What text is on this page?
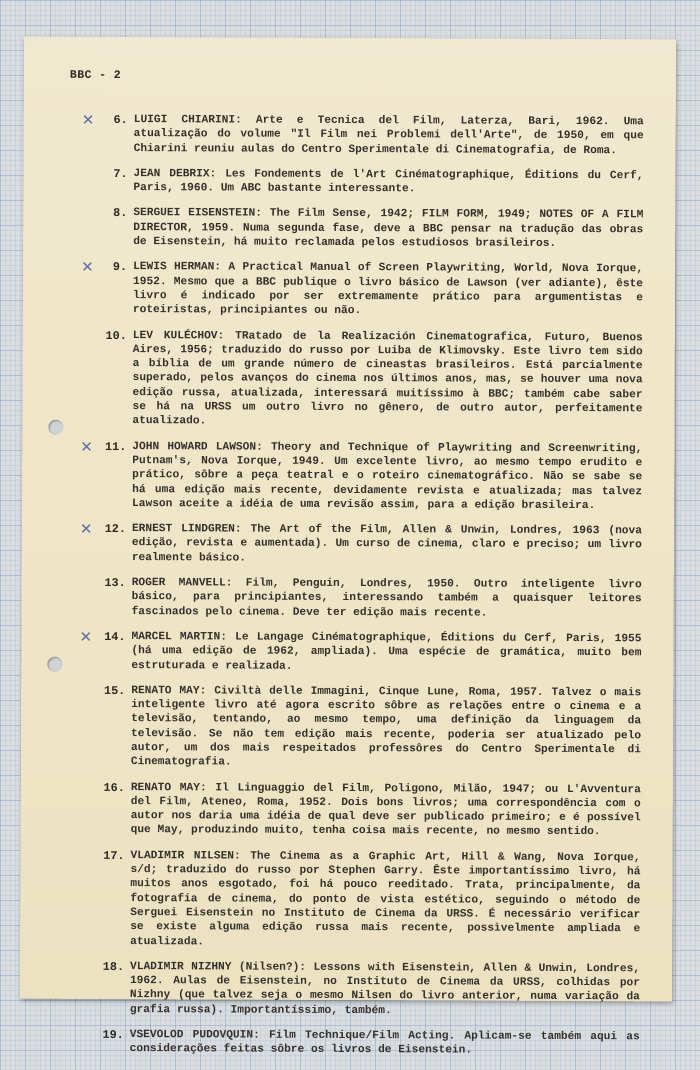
BBC - 2
✕	6. LUIGI CHIARINI: Arte e Tecnica del Film, Laterza, Bari, 1962. Uma atualização do volume "Il Film nei Problemi dell'Arte", de 1950, em que Chiarini reuniu aulas do Centro Sperimentale di Cinematografia, de Roma.
7. JEAN DEBRIX: Les Fondements de l'Art Cinématographique, Éditions du Cerf, Paris, 1960. Um ABC bastante interessante.
8. SERGUEI EISENSTEIN: The Film Sense, 1942; FILM FORM, 1949; NOTES OF A FILM DIRECTOR, 1959. Numa segunda fase, deve a BBC pensar na tradução das obras de Eisenstein, há muito reclamada pelos estudiosos brasileiros.
✕	9. LEWIS HERMAN: A Practical Manual of Screen Playwriting, World, Nova Iorque, 1952. Mesmo que a BBC publique o livro básico de Lawson (ver adiante), êste livro é indicado por ser extremamente prático para argumentistas e roteiristas, principiantes ou não.
10. LEV KULÉCHOV: TRatado de la Realización Cinematografica, Futuro, Buenos Aires, 1956; traduzido do russo por Luiba de Klimovsky. Este livro tem sido a bíblia de um grande número de cineastas brasileiros. Está parcialmente superado, pelos avanços do cinema nos últimos anos, mas, se houver uma nova edição russa, atualizada, interessará muitíssimo à BBC; também cabe saber se há na URSS um outro livro no gênero, de outro autor, perfeitamente atualizado.
✕	11. JOHN HOWARD LAWSON: Theory and Technique of Playwriting and Screenwriting, Putnam's, Nova Iorque, 1949. Um excelente livro, ao mesmo tempo erudito e prático, sôbre a peça teatral e o roteiro cinematográfico. Não se sabe se há uma edição mais recente, devidamente revista e atualizada; mas talvez Lawson aceite a idéia de uma revisão assim, para a edição brasileira.
✕	12. ERNEST LINDGREN: The Art of the Film, Allen & Unwin, Londres, 1963 (nova edição, revista e aumentada). Um curso de cinema, claro e preciso; um livro realmente básico.
13. ROGER MANVELL: Film, Penguin, Londres, 1950. Outro inteligente livro básico, para principiantes, interessando também a quaisquer leitores fascinados pelo cinema. Deve ter edição mais recente.
✕	14. MARCEL MARTIN: Le Langage Cinématographique, Éditions du Cerf, Paris, 1955 (há uma edição de 1962, ampliada). Uma espécie de gramática, muito bem estruturada e realizada.
15. RENATO MAY: Civiltà delle Immagini, Cinque Lune, Roma, 1957. Talvez o mais inteligente livro até agora escrito sôbre as relações entre o cinema e a televisão, tentando, ao mesmo tempo, uma definição da linguagem da televisão. Se não tem edição mais recente, poderia ser atualizado pelo autor, um dos mais respeitados professôres do Centro Sperimentale di Cinematografia.
16. RENATO MAY: Il Linguaggio del Film, Poligono, Milão, 1947; ou L'Avventura del Film, Ateneo, Roma, 1952. Dois bons livros; uma correspondência com o autor nos daria uma idéia de qual deve ser publicado primeiro; e é possível que May, produzindo muito, tenha coisa mais recente, no mesmo sentido.
17. VLADIMIR NILSEN: The Cinema as a Graphic Art, Hill & Wang, Nova Iorque, s/d; traduzido do russo por Stephen Garry. Êste importantíssimo livro, há muitos anos esgotado, foi há pouco reeditado. Trata, principalmente, da fotografia de cinema, do ponto de vista estético, seguindo o método de Serguei Eisenstein no Instituto de Cinema da URSS. É necessário verificar se existe alguma edição russa mais recente, possìvelmente ampliada e atualizada.
18. VLADIMIR NIZHNY (Nilsen?): Lessons with Eisenstein, Allen & Unwin, Londres, 1962. Aulas de Eisenstein, no Instituto de Cinema da URSS, colhidas por Nizhny (que talvez seja o mesmo Nilsen do livro anterior, numa variação da grafia russa). Importantíssimo, também.
19. VSEVOLOD PUDOVQUIN: Film Technique/Film Acting. Aplicam-se também aqui as considerações feitas sôbre os livros de Eisenstein.
